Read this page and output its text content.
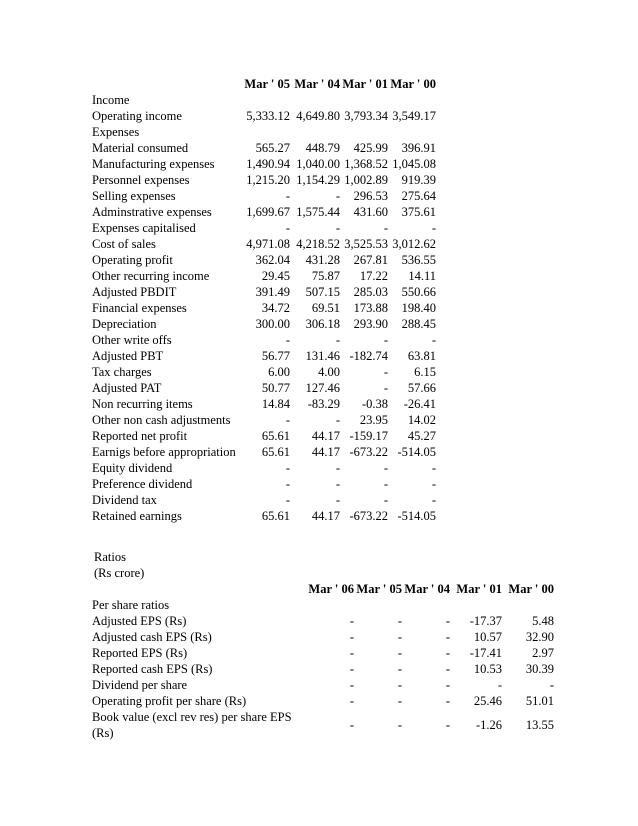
Mar ' 05 Mar ' 04 Mar ' 01 Mar ' 00
Income
Operating income	5,333.12 4,649.80 3,793.34 3,549.17
Expenses
Material consumed	565.27	448.79	425.99	396.91
Manufacturing expenses	1,490.94 1,040.00 1,368.52 1,045.08
Personnel expenses	1,215.20 1,154.29 1,002.89	919.39
Selling expenses	-	-	296.53	275.64
Adminstrative expenses	1,699.67 1,575.44	431.60	375.61
Expenses capitalised	-	-	-	-
Cost of sales	4,971.08 4,218.52 3,525.53 3,012.62
Operating profit	362.04	431.28	267.81	536.55
Other recurring income	29.45	75.87	17.22	14.11
Adjusted PBDIT	391.49	507.15	285.03	550.66
Financial expenses	34.72	69.51	173.88	198.40
Depreciation	300.00	306.18	293.90	288.45
Other write offs	-	-	-	-
Adjusted PBT	56.77	131.46 -182.74	63.81
Tax charges	6.00	4.00	-	6.15
Adjusted PAT	50.77	127.46	-	57.66
Non recurring items	14.84	-83.29	-0.38	-26.41
Other non cash adjustments	-	-	23.95	14.02
Reported net profit	65.61	44.17 -159.17	45.27
Earnigs before appropriation	65.61	44.17 -673.22 -514.05
Equity dividend	-	-	-	-
Preference dividend	-	-	-	-
Dividend tax	-	-	-	-
Retained earnings	65.61	44.17 -673.22 -514.05
Ratios
(Rs crore)
Mar ' 06 Mar ' 05 Mar ' 04 Mar ' 01 Mar ' 00
Per share ratios
Adjusted EPS (Rs)	-	-	-	-17.37	5.48
Adjusted cash EPS (Rs)	-	-	-	10.57	32.90
Reported EPS (Rs)	-	-	-	-17.41	2.97
Reported cash EPS (Rs)	-	-	-	10.53	30.39
Dividend per share	-	-	-	-	-
Operating profit per share (Rs)	-	-	-	25.46	51.01
Book value (excl rev res) per share EPS
(Rs)
-	-	-	-1.26	13.55
